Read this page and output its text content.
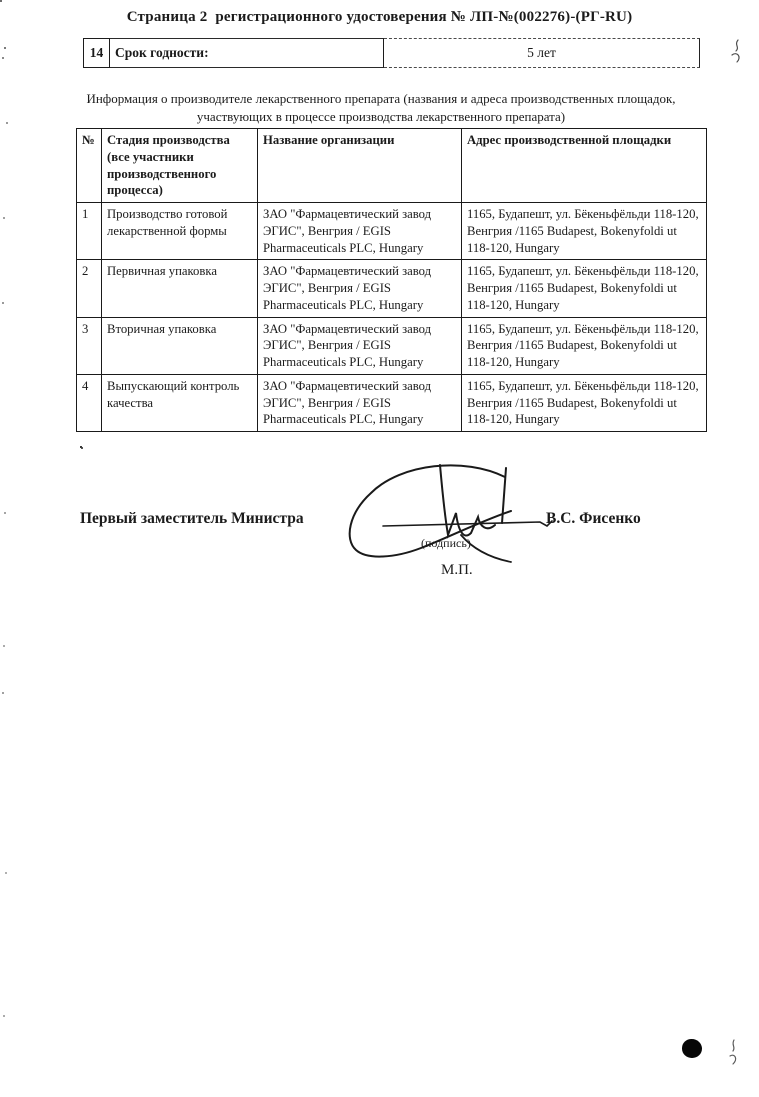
Страница 2  регистрационного удостоверения № ЛП-№(002276)-(РГ-RU)
14 Срок годности:	5 лет
Информация о производителе лекарственного препарата (названия и адреса производственных площадок, участвующих в процессе производства лекарственного препарата)
№	Стадия производства (все участники производственного процесса)	Название организации	Адрес производственной площадки
1	Производство готовой лекарственной формы	ЗАО "Фармацевтический завод ЭГИС", Венгрия / EGIS Pharmaceuticals PLC, Hungary	1165, Будапешт, ул. Бёкеньфёльди 118-120, Венгрия /1165 Budapest, Bokenyfoldi ut 118-120, Hungary
2	Первичная упаковка	ЗАО "Фармацевтический завод ЭГИС", Венгрия / EGIS Pharmaceuticals PLC, Hungary	1165, Будапешт, ул. Бёкеньфёльди 118-120, Венгрия /1165 Budapest, Bokenyfoldi ut 118-120, Hungary
3	Вторичная упаковка	ЗАО "Фармацевтический завод ЭГИС", Венгрия / EGIS Pharmaceuticals PLC, Hungary	1165, Будапешт, ул. Бёкеньфёльди 118-120, Венгрия /1165 Budapest, Bokenyfoldi ut 118-120, Hungary
4	Выпускающий контроль качества	ЗАО "Фармацевтический завод ЭГИС", Венгрия / EGIS Pharmaceuticals PLC, Hungary	1165, Будапешт, ул. Бёкеньфёльди 118-120, Венгрия /1165 Budapest, Bokenyfoldi ut 118-120, Hungary
Первый заместитель Министра
(подпись)
В.С. Фисенко
М.П.
